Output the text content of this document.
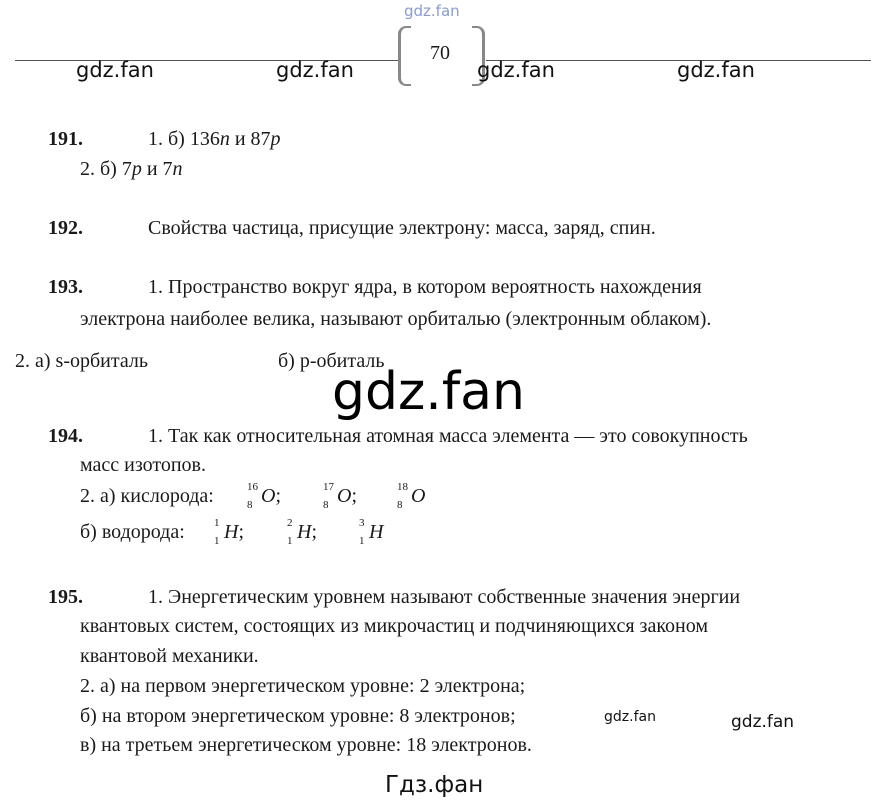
gdz.fan
70
gdz.fan	gdz.fan	gdz.fan	gdz.fan
191.	1. б) 136n и 87p
2. б) 7p и 7n
192.	Свойства частица, присущие электрону: масса, заряд, спин.
193.	1. Пространство вокруг ядра, в котором вероятность нахождения
электрона наиболее велика, называют орбиталью (электронным облаком).
2. а) s-орбиталь	б) p-обиталь
gdz.fan
194.	1. Так как относительная атомная масса элемента — это совокупность
масс изотопов.
2. а) кислорода:	16
8 O;	17
8 O;	18
8 O
б) водорода:	1
1 H;	2
1 H;	3
1 H
195.	1. Энергетическим уровнем называют собственные значения энергии
квантовых систем, состоящих из микрочастиц и подчиняющихся законом
квантовой механики.
2. а) на первом энергетическом уровне: 2 электрона;
б) на втором энергетическом уровне: 8 электронов;
в) на третьем энергетическом уровне: 18 электронов.
gdz.fan	gdz.fan
Гдз.фан
